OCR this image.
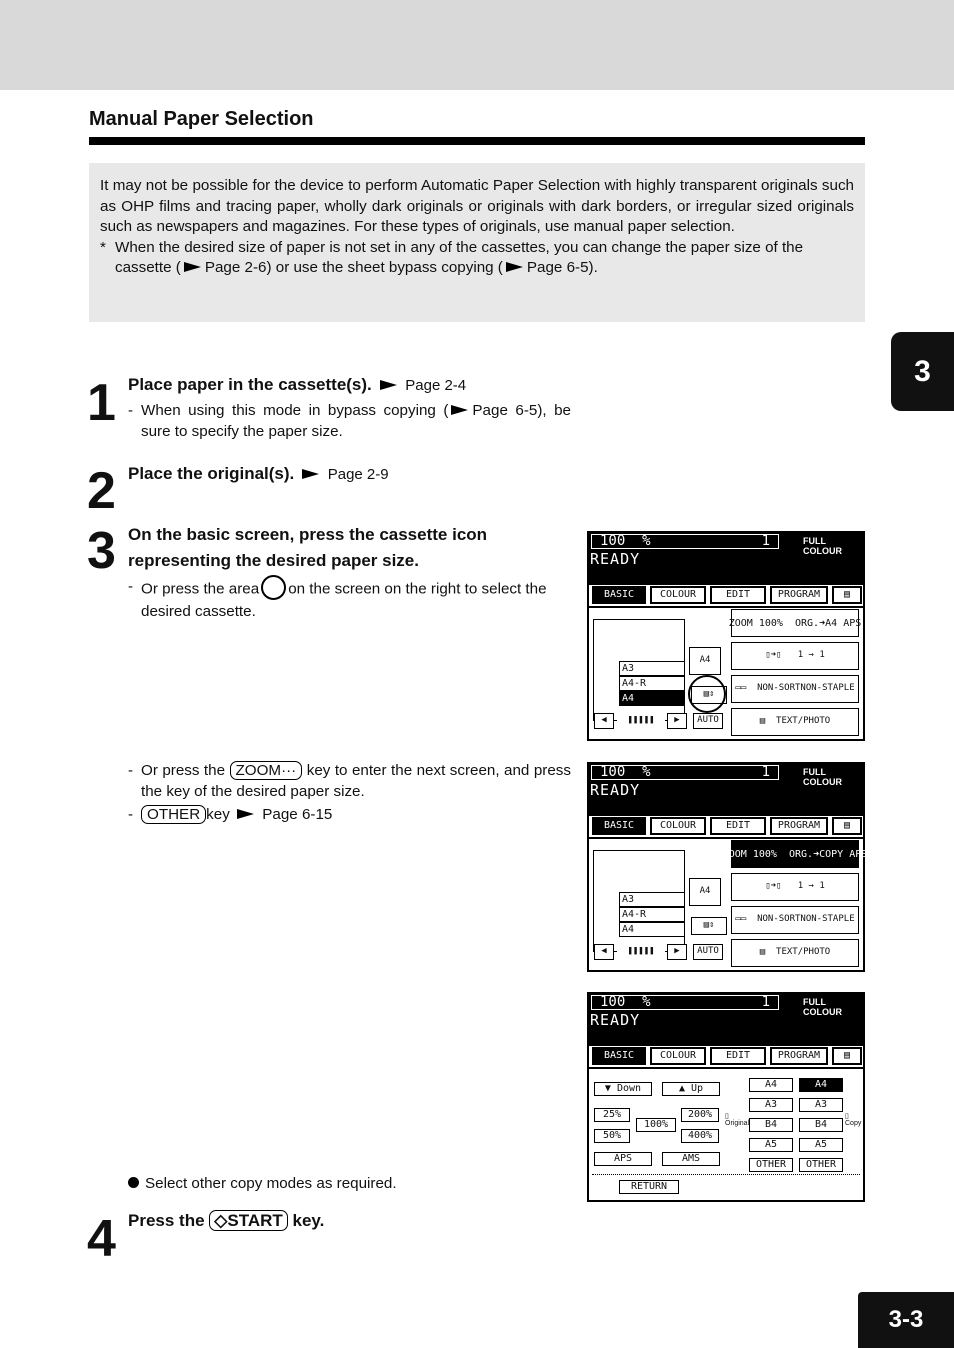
Manual Paper Selection

It may not be possible for the device to perform Automatic Paper Selection with highly transparent originals such as OHP films and tracing paper, wholly dark originals or originals with dark borders, or irregular sized originals such as newspapers and magazines. For these types of originals, use manual paper selection.

* When the desired size of paper is not set in any of the cassettes, you can change the paper size of the cassette ( Page 2-6) or use the sheet bypass copying ( Page 6-5).
3
1 Place paper in the cassette(s). Page 2-4
- When using this mode in bypass copying ( Page 6-5), be sure to specify the paper size.
2 Place the original(s). Page 2-9
3 On the basic screen, press the cassette icon representing the desired paper size.
- Or press the area on the screen on the right to select the desired cassette.
- Or press the ZOOM··· key to enter the next screen, and press the key of the desired paper size.
- OTHER key Page 6-15
Select other copy modes as required.
4 Press the ◇START key.
3-3
100  %	1	FULL COLOUR
READY
BASIC	COLOUR	EDIT	PROGRAM	▤
A3
A4-R
A4
A4
▤⇕
ZOOM
100%
ORG. ➜ A4
APS
▯➜▯ 1 → 1
▭▭ NON-SORT NON-STAPLE
▤ TEXT/PHOTO
◀	❚❚❚❚❚	▶	AUTO
100  %	1	FULL COLOUR
READY
BASIC	COLOUR	EDIT	PROGRAM	▤
A3
A4-R
A4
A4
▤⇕
ZOOM
100%
ORG. ➜ COPY
APS
▯➜▯ 1 → 1
▭▭ NON-SORT NON-STAPLE
▤ TEXT/PHOTO
◀	❚❚❚❚❚	▶	AUTO
100  %	1	FULL COLOUR
READY
BASIC	COLOUR	EDIT	PROGRAM	▤
▼ Down	▲ Up
25%	200%
100%
50%	400%
APS	AMS
▯
Original
▯
Copy
A4
A3
B4
A5
OTHER
A4
A3
B4
A5
OTHER
RETURN
